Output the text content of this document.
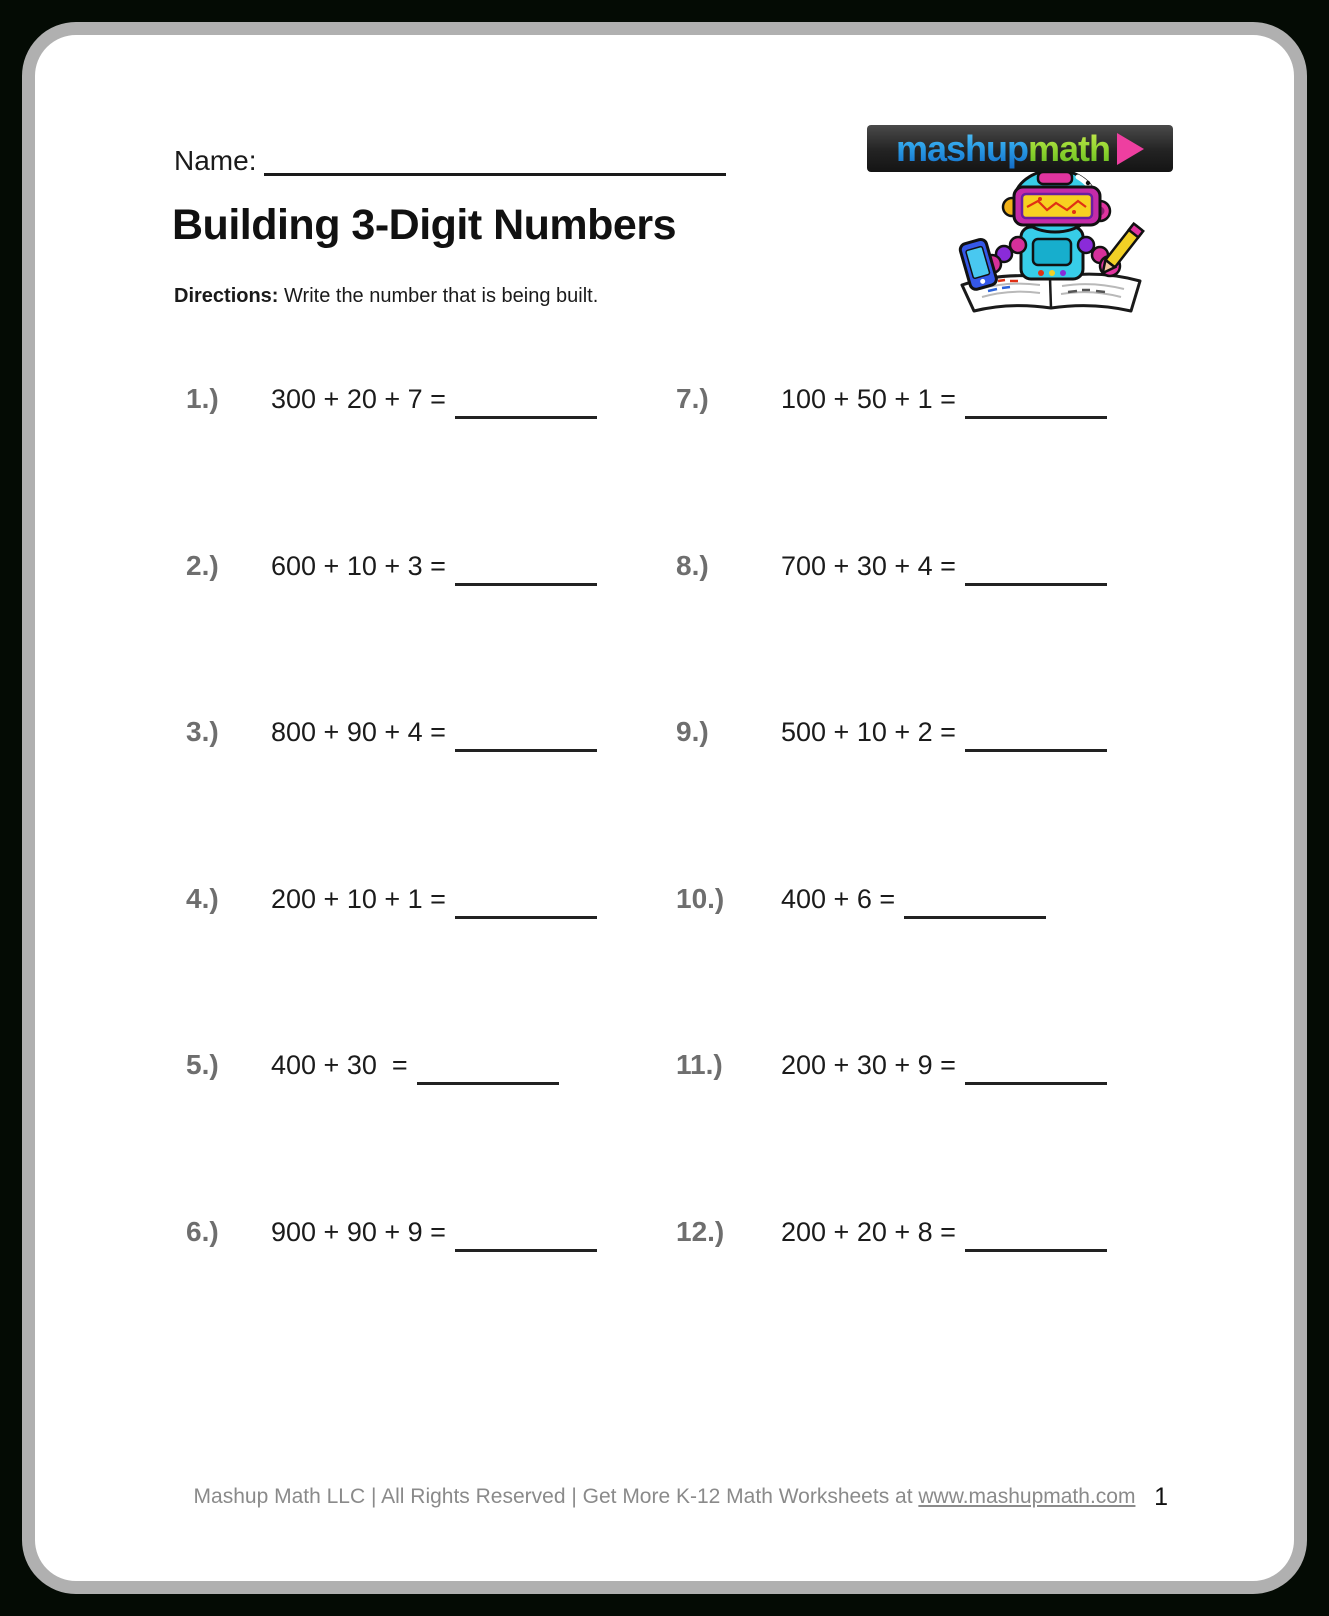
Name:
Building 3-Digit Numbers
Directions: Write the number that is being built.
mashup math
1.)	300 + 20 + 7 =
2.)	600 + 10 + 3 =
3.)	800 + 90 + 4 =
4.)	200 + 10 + 1 =
5.)	400 + 30  =
6.)	900 + 90 + 9 =
7.)	100 + 50 + 1 =
8.)	700 + 30 + 4 =
9.)	500 + 10 + 2 =
10.)	400 + 6 =
11.)	200 + 30 + 9 =
12.)	200 + 20 + 8 =
Mashup Math LLC | All Rights Reserved | Get More K-12 Math Worksheets at www.mashupmath.com 1
